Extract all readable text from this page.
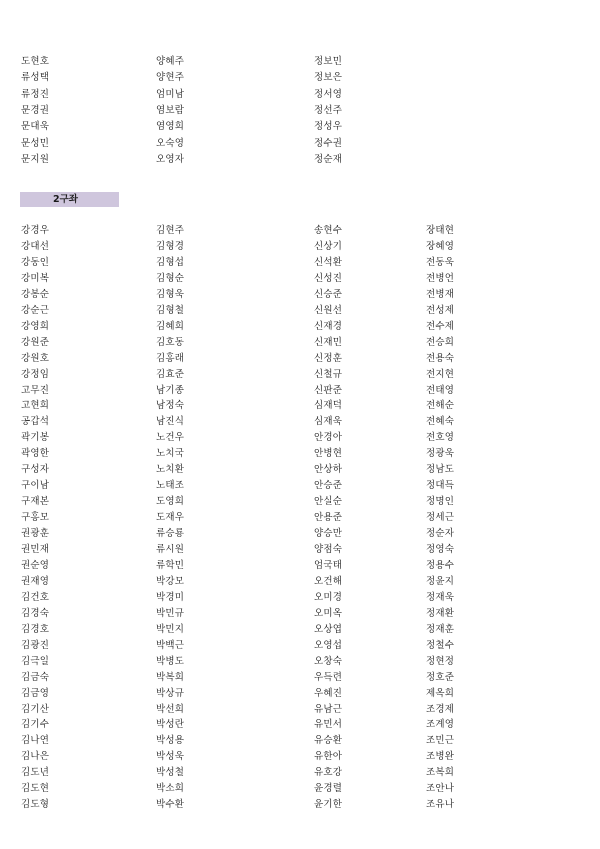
도현호	양혜주	정보민
류성택	양현주	정보은
류정진	엄미남	정서영
문경권	염보람	정선주
문대욱	염영희	정성우
문성민	오숙영	정수권
문지원	오영자	정순재
2구좌
강경우	김현주	송현수	장태현
강대선	김형경	신상기	장혜영
강동인	김형섭	신석환	전동욱
강미복	김형순	신성진	전병언
강봉순	김형욱	신승준	전병재
강순근	김형철	신원선	전성제
강영희	김혜희	신재경	전수제
강원준	김호동	신재민	전승희
강원호	김홍래	신정훈	전용숙
강정임	김효준	신철규	전지현
고무진	남기종	신판준	전태영
고현희	남정숙	심재덕	전해순
공갑석	남진식	심재욱	전혜숙
곽기봉	노건우	안경아	전호영
곽영한	노치국	안병현	정광욱
구성자	노치환	안상하	정남도
구이남	노태조	안승준	정대득
구재본	도영희	안실순	정명인
구홍모	도재우	안용준	정세근
권광훈	류승룡	양승만	정순자
권민재	류시원	양점숙	정영숙
권순영	류학민	엄국태	정용수
권재영	박강모	오건해	정윤지
김건호	박경미	오미경	정재욱
김경숙	박민규	오미옥	정재환
김경호	박민지	오상엽	정재훈
김광진	박백근	오영섭	정철수
김극일	박병도	오창숙	정현정
김금숙	박복희	우득련	정호준
김금영	박상규	우혜진	제옥희
김기산	박선희	유남근	조경제
김기수	박성란	유민서	조계영
김나연	박성용	유승환	조민근
김나은	박성욱	유한아	조병완
김도년	박성철	유호강	조복희
김도현	박소희	윤경렬	조안나
김도형	박수환	윤기한	조유나
